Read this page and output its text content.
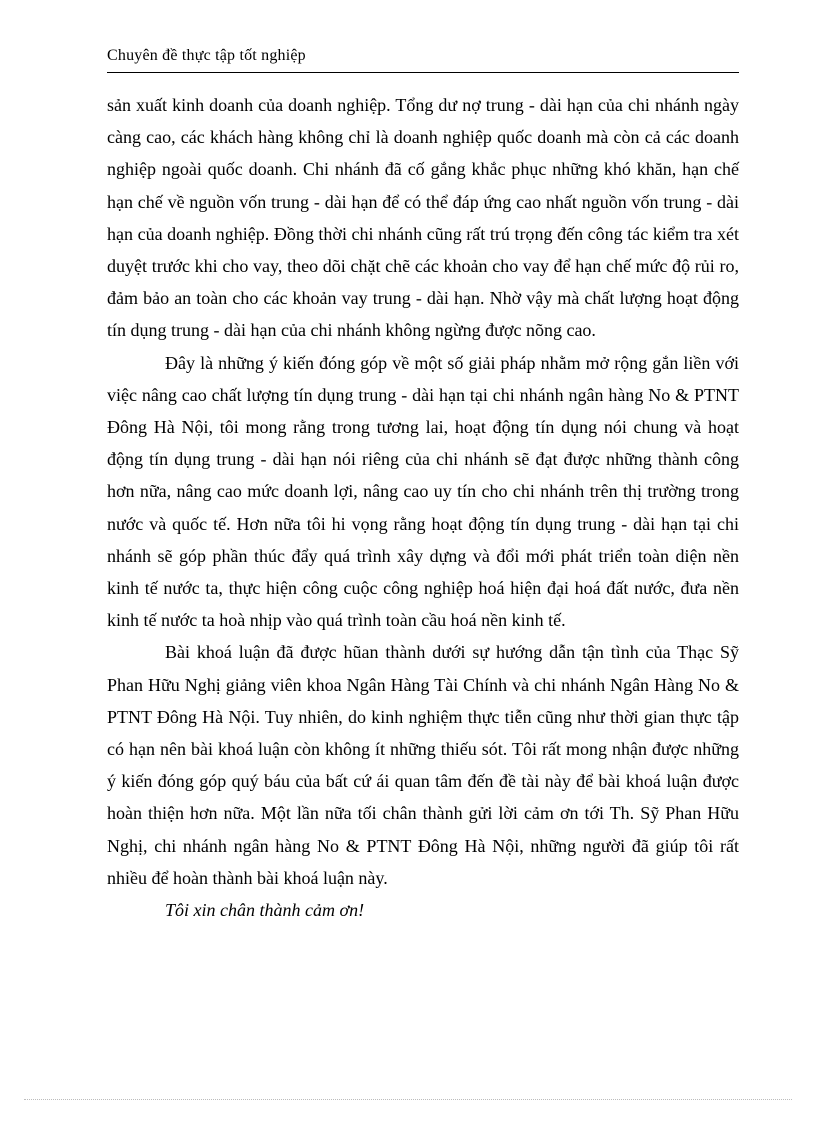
Chuyên đề thực tập tốt nghiệp

sản xuất kinh doanh của doanh nghiệp. Tổng dư nợ trung - dài hạn của chi nhánh ngày càng cao, các khách hàng không chỉ là doanh nghiệp quốc doanh mà còn cả các doanh nghiệp ngoài quốc doanh. Chi nhánh đã cố gắng khắc phục những khó khăn, hạn chế hạn chế về nguồn vốn trung - dài hạn để có thể đáp ứng cao nhất nguồn vốn trung - dài hạn của doanh nghiệp. Đồng thời chi nhánh cũng rất trú trọng đến công tác kiểm tra xét duyệt trước khi cho vay, theo dõi chặt chẽ các khoản cho vay để hạn chế mức độ rủi ro, đảm bảo an toàn cho các khoản vay trung - dài hạn. Nhờ vậy mà chất lượng hoạt động tín dụng trung - dài hạn của chi nhánh không ngừng được nõng cao.

Đây là những ý kiến đóng góp về một số giải pháp nhằm mở rộng gắn liền với việc nâng cao chất lượng tín dụng trung - dài hạn tại chi nhánh ngân hàng No & PTNT Đông Hà Nội, tôi mong rằng trong tương lai, hoạt động tín dụng nói chung và hoạt động tín dụng trung - dài hạn nói riêng của chi nhánh sẽ đạt được những thành công hơn nữa, nâng cao mức doanh lợi, nâng cao uy tín cho chi nhánh trên thị trường trong nước và quốc tế. Hơn nữa tôi hi vọng rằng hoạt động tín dụng trung - dài hạn tại chi nhánh sẽ góp phần thúc đẩy quá trình xây dựng và đổi mới phát triển toàn diện nền kinh tế nước ta, thực hiện công cuộc công nghiệp hoá hiện đại hoá đất nước, đưa nền kinh tế nước ta hoà nhịp vào quá trình toàn cầu hoá nền kinh tế.

Bài khoá luận đã được hũan thành dưới sự hướng dẫn tận tình của Thạc Sỹ Phan Hữu Nghị giảng viên khoa Ngân Hàng Tài Chính và chi nhánh Ngân Hàng No & PTNT Đông Hà Nội. Tuy nhiên, do kinh nghiệm thực tiễn cũng như thời gian thực tập có hạn nên bài khoá luận còn không ít những thiếu sót. Tôi rất mong nhận được những ý kiến đóng góp quý báu của bất cứ ái quan tâm đến đề tài này để bài khoá luận được hoàn thiện hơn nữa. Một lần nữa tối chân thành gửi lời cảm ơn tới Th. Sỹ Phan Hữu Nghị, chi nhánh ngân hàng No & PTNT Đông Hà Nội, những người đã giúp tôi rất nhiều để hoàn thành bài khoá luận này.

Tôi xin chân thành cảm ơn!
